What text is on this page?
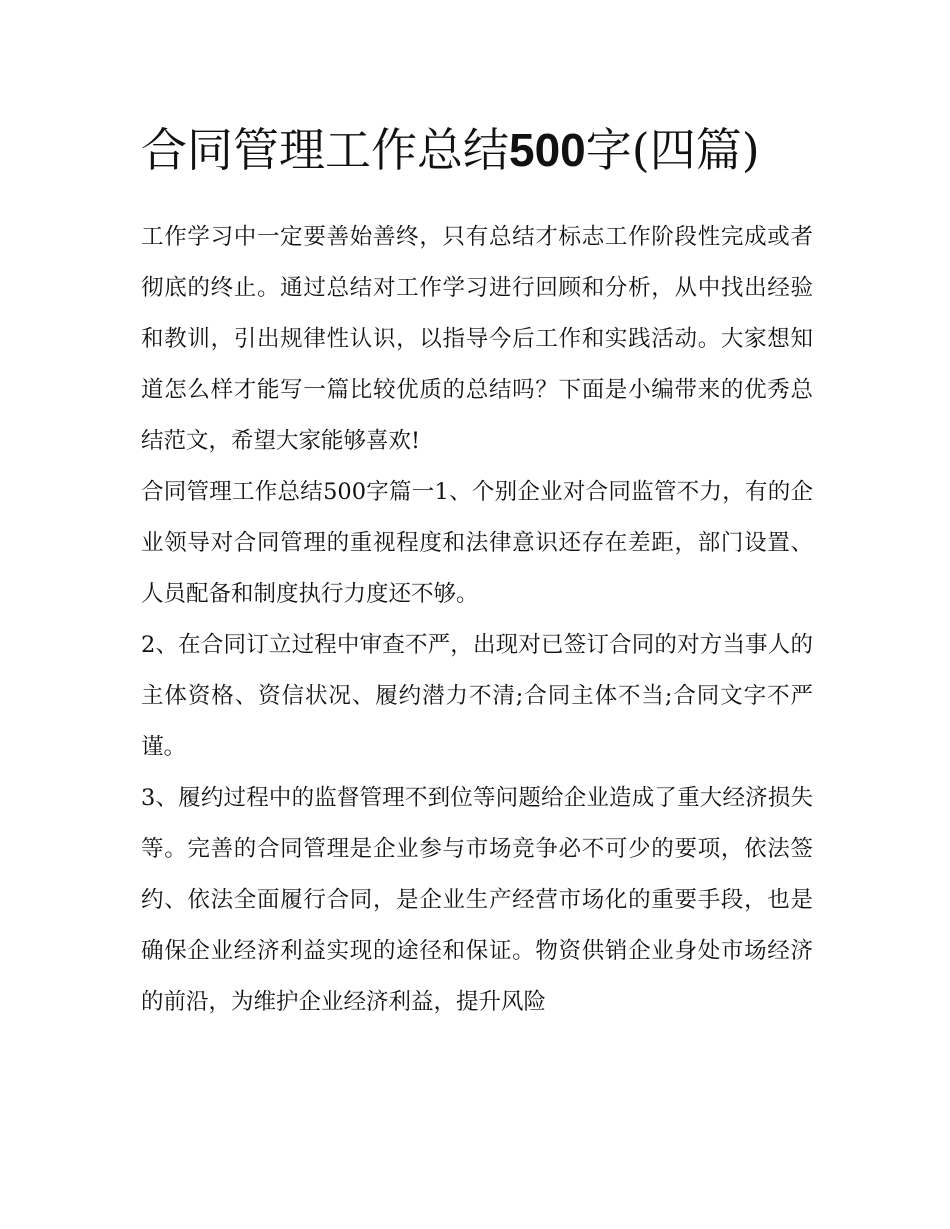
合同管理工作总结500字(四篇)

工作学习中一定要善始善终，只有总结才标志工作阶段性完成或者彻底的终止。通过总结对工作学习进行回顾和分析，从中找出经验和教训，引出规律性认识，以指导今后工作和实践活动。大家想知道怎么样才能写一篇比较优质的总结吗？下面是小编带来的优秀总结范文，希望大家能够喜欢!

合同管理工作总结500字篇一1、个别企业对合同监管不力，有的企业领导对合同管理的重视程度和法律意识还存在差距，部门设置、人员配备和制度执行力度还不够。

2、在合同订立过程中审查不严，出现对已签订合同的对方当事人的主体资格、资信状况、履约潜力不清;合同主体不当;合同文字不严谨。

3、履约过程中的监督管理不到位等问题给企业造成了重大经济损失等。完善的合同管理是企业参与市场竞争必不可少的要项，依法签约、依法全面履行合同，是企业生产经营市场化的重要手段，也是确保企业经济利益实现的途径和保证。物资供销企业身处市场经济的前沿，为维护企业经济利益，提升风险
